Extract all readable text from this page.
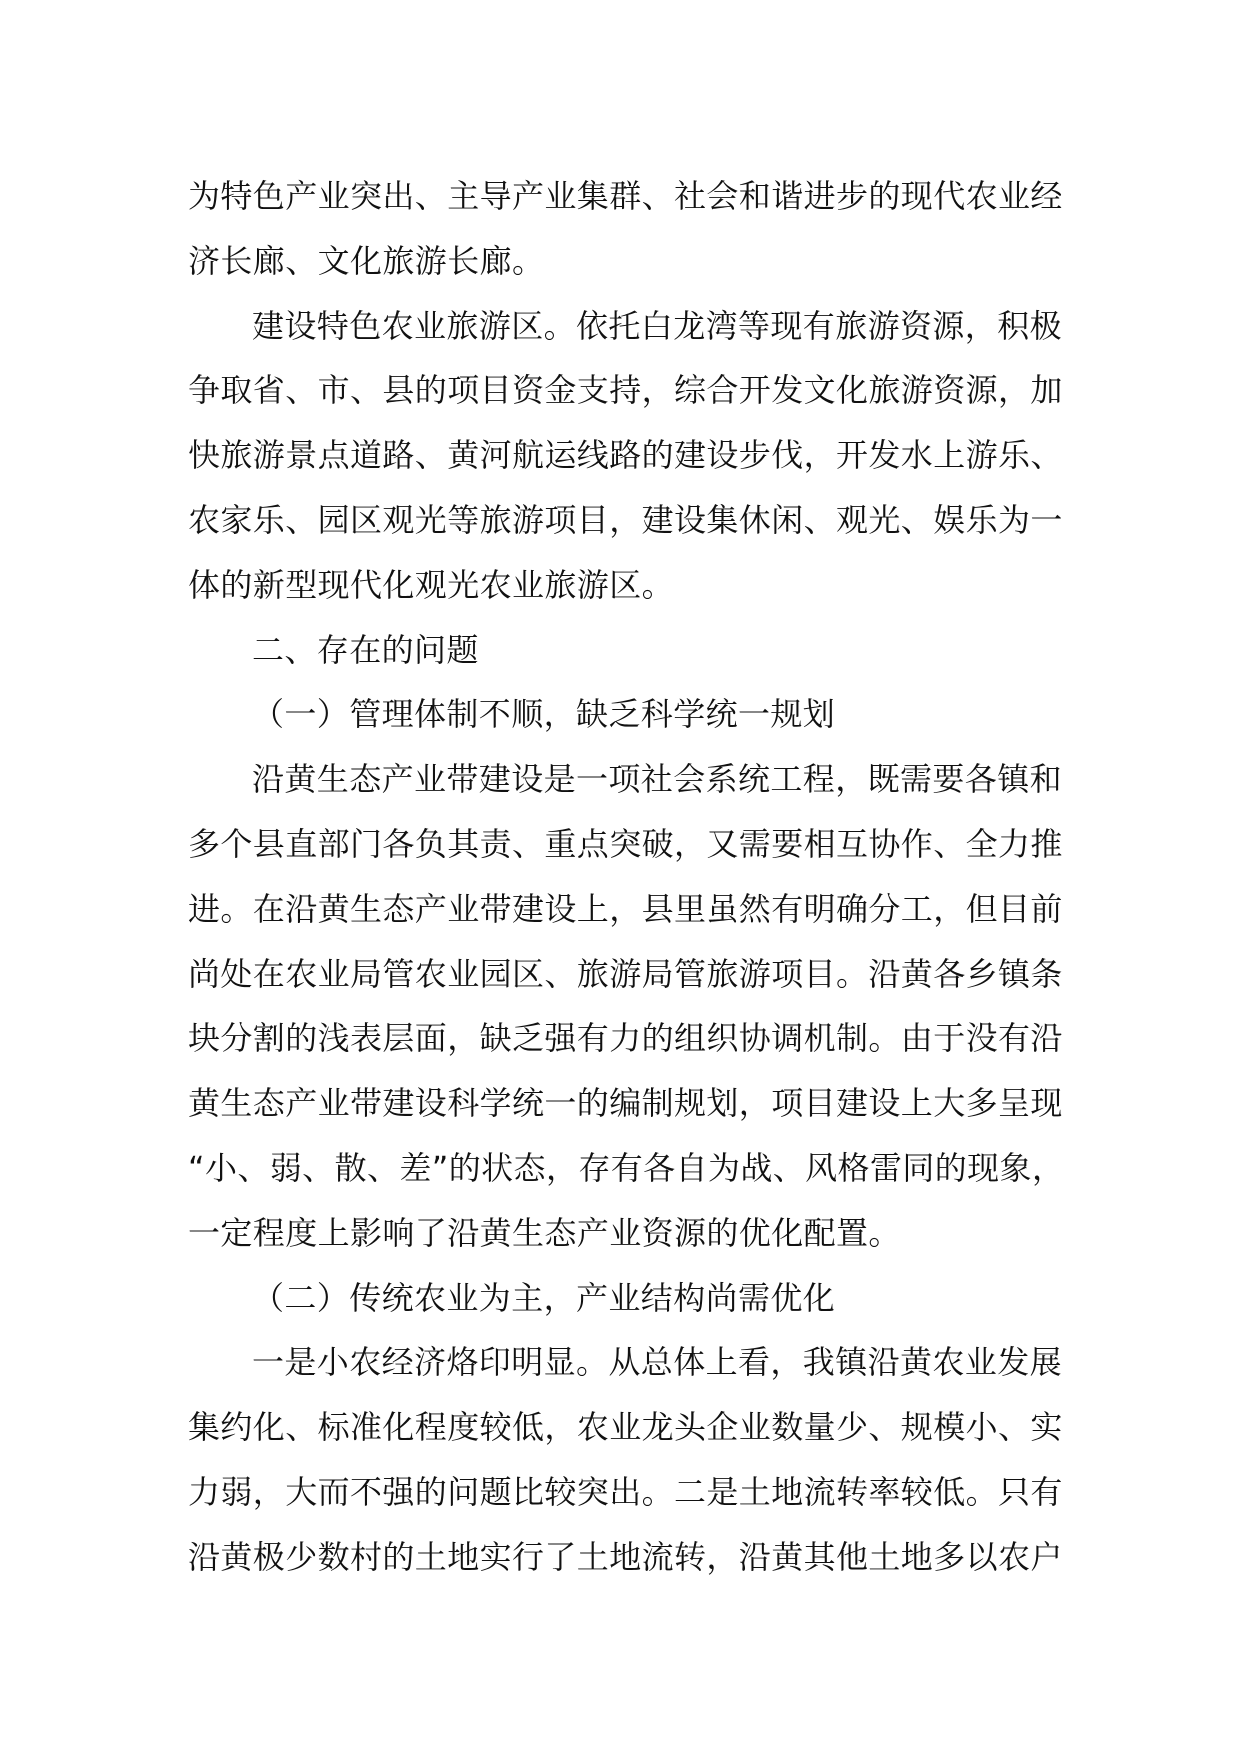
为特色产业突出、主导产业集群、社会和谐进步的现代农业经
济长廊、文化旅游长廊。
建设特色农业旅游区。依托白龙湾等现有旅游资源，积极
争取省、市、县的项目资金支持，综合开发文化旅游资源，加
快旅游景点道路、黄河航运线路的建设步伐，开发水上游乐、
农家乐、园区观光等旅游项目，建设集休闲、观光、娱乐为一
体的新型现代化观光农业旅游区。
二、存在的问题
（一）管理体制不顺，缺乏科学统一规划
沿黄生态产业带建设是一项社会系统工程，既需要各镇和
多个县直部门各负其责、重点突破，又需要相互协作、全力推
进。在沿黄生态产业带建设上，县里虽然有明确分工，但目前
尚处在农业局管农业园区、旅游局管旅游项目。沿黄各乡镇条
块分割的浅表层面，缺乏强有力的组织协调机制。由于没有沿
黄生态产业带建设科学统一的编制规划，项目建设上大多呈现
“小、弱、散、差”的状态，存有各自为战、风格雷同的现象，
一定程度上影响了沿黄生态产业资源的优化配置。
（二）传统农业为主，产业结构尚需优化
一是小农经济烙印明显。从总体上看，我镇沿黄农业发展
集约化、标准化程度较低，农业龙头企业数量少、规模小、实
力弱，大而不强的问题比较突出。二是土地流转率较低。只有
沿黄极少数村的土地实行了土地流转，沿黄其他土地多以农户
